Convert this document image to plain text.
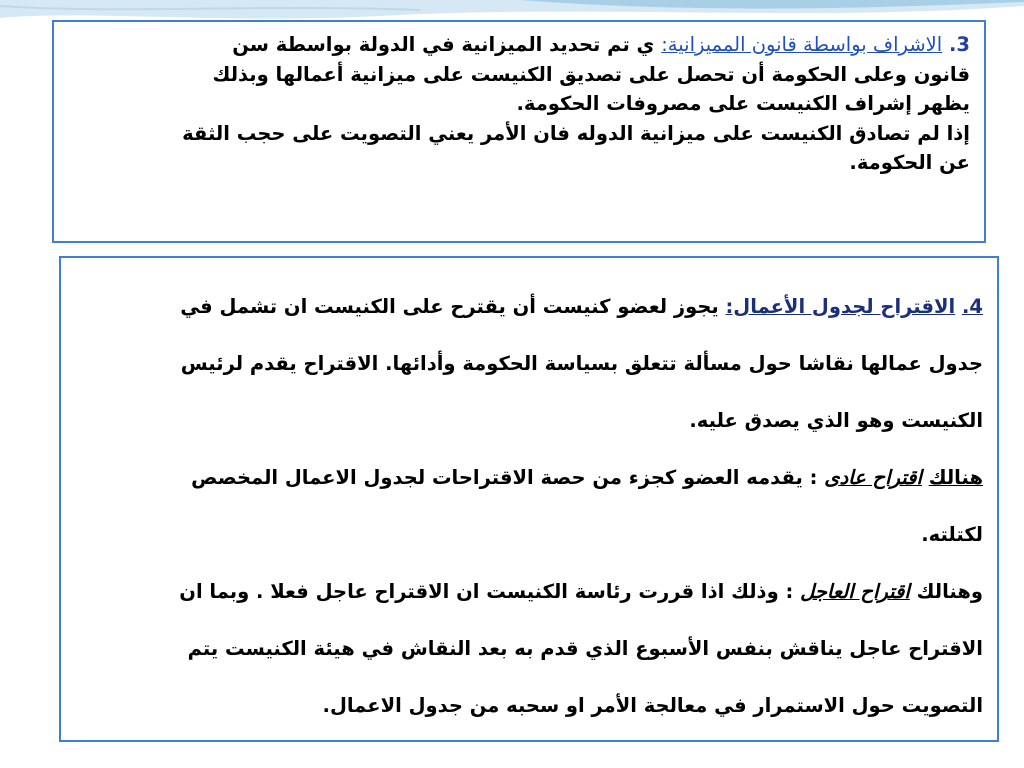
3. الاشراف بواسطة قانون المميزانية: ي تم تحديد الميزانية في الدولة بواسطة سن
قانون وعلى الحكومة أن تحصل على تصديق الكنيست على ميزانية أعمالها وبذلك
يظهر إشراف الكنيست على مصروفات الحكومة.
إذا لم تصادق الكنيست على ميزانية الدوله فان الأمر يعني التصويت على حجب الثقة
عن الحكومة.
4. الاقتراح لجدول الأعمال: يجوز لعضو كنيست أن يقترح على الكنيست ان تشمل في
جدول عمالها نقاشا حول مسألة تتعلق بسياسة الحكومة وأدائها. الاقتراح يقدم لرئيس
الكنيست وهو الذي يصدق عليه.
هنالك اقتراح عادى : يقدمه العضو كجزء من حصة الاقتراحات لجدول الاعمال المخصص
لكتلته.
وهنالك اقتراح العاجل : وذلك اذا قررت رئاسة الكنيست ان الاقتراح عاجل فعلا . وبما ان
الاقتراح عاجل يناقش بنفس الأسبوع الذي قدم به بعد النقاش في هيئة الكنيست يتم
التصويت حول الاستمرار في معالجة الأمر او سحبه من جدول الاعمال.
